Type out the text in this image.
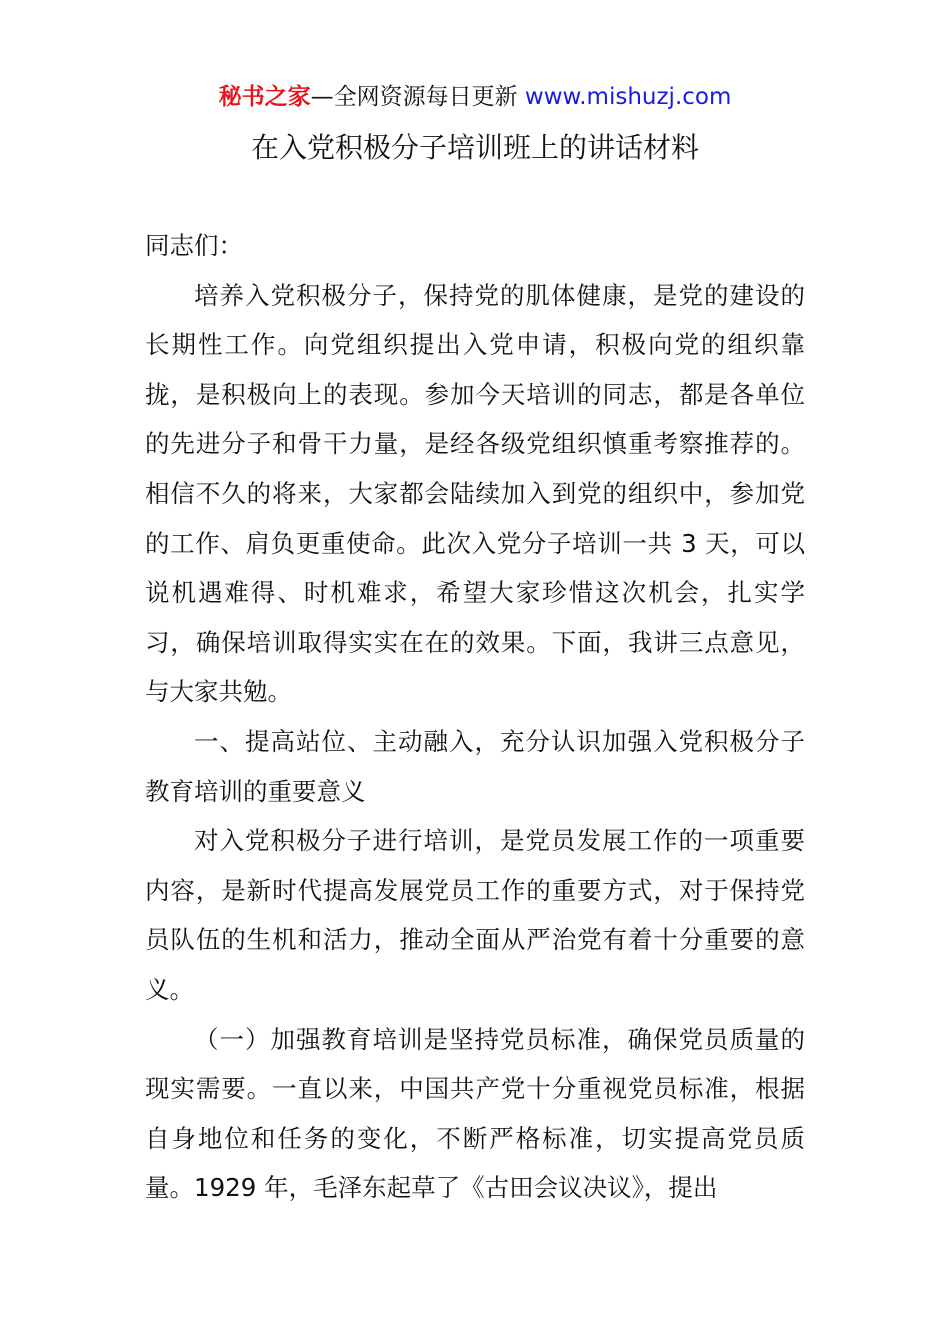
秘书之家—全网资源每日更新 www.mishuzj.com
在入党积极分子培训班上的讲话材料

同志们：

培养入党积极分子，保持党的肌体健康，是党的建设的长期性工作。向党组织提出入党申请，积极向党的组织靠拢，是积极向上的表现。参加今天培训的同志，都是各单位的先进分子和骨干力量，是经各级党组织慎重考察推荐的。相信不久的将来，大家都会陆续加入到党的组织中，参加党的工作、肩负更重使命。此次入党分子培训一共 3 天，可以说机遇难得、时机难求，希望大家珍惜这次机会，扎实学习，确保培训取得实实在在的效果。下面，我讲三点意见，与大家共勉。

一、提高站位、主动融入，充分认识加强入党积极分子教育培训的重要意义

对入党积极分子进行培训，是党员发展工作的一项重要内容，是新时代提高发展党员工作的重要方式，对于保持党员队伍的生机和活力，推动全面从严治党有着十分重要的意义。

（一）加强教育培训是坚持党员标准，确保党员质量的现实需要。一直以来，中国共产党十分重视党员标准，根据自身地位和任务的变化，不断严格标准，切实提高党员质量。1929 年，毛泽东起草了《古田会议决议》，提出
